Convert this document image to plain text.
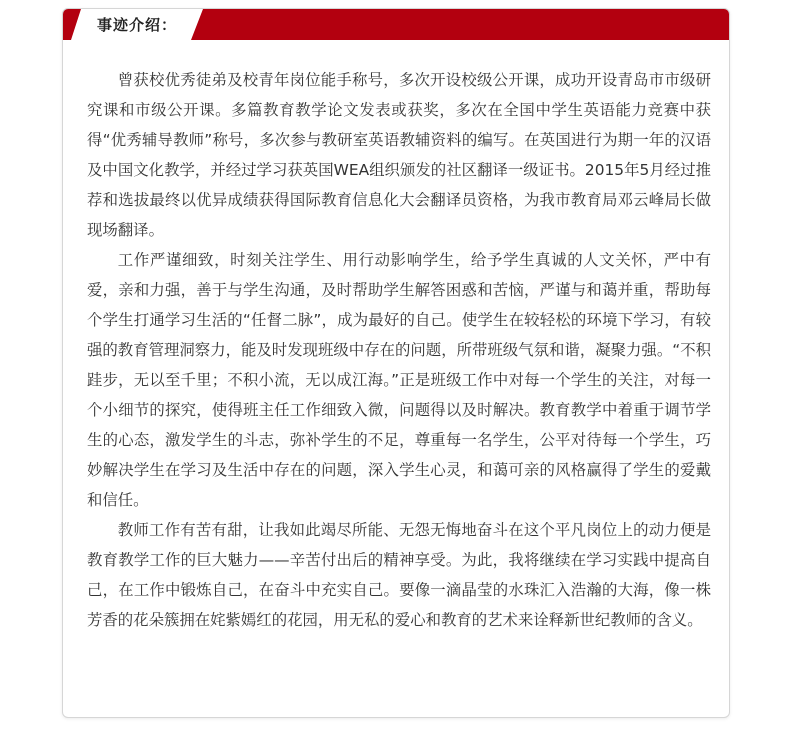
事迹介绍：

曾获校优秀徒弟及校青年岗位能手称号，多次开设校级公开课，成功开设青岛市市级研究课和市级公开课。多篇教育教学论文发表或获奖，多次在全国中学生英语能力竞赛中获得“优秀辅导教师”称号，多次参与教研室英语教辅资料的编写。在英国进行为期一年的汉语及中国文化教学，并经过学习获英国WEA组织颁发的社区翻译一级证书。2015年5月经过推荐和选拔最终以优异成绩获得国际教育信息化大会翻译员资格，为我市教育局邓云峰局长做现场翻译。

工作严谨细致，时刻关注学生、用行动影响学生，给予学生真诚的人文关怀，严中有爱，亲和力强，善于与学生沟通，及时帮助学生解答困惑和苦恼，严谨与和蔼并重，帮助每个学生打通学习生活的“任督二脉”，成为最好的自己。使学生在较轻松的环境下学习，有较强的教育管理洞察力，能及时发现班级中存在的问题，所带班级气氛和谐，凝聚力强。“不积跬步，无以至千里；不积小流，无以成江海。”正是班级工作中对每一个学生的关注，对每一个小细节的探究，使得班主任工作细致入微，问题得以及时解决。教育教学中着重于调节学生的心态，激发学生的斗志，弥补学生的不足，尊重每一名学生，公平对待每一个学生，巧妙解决学生在学习及生活中存在的问题，深入学生心灵，和蔼可亲的风格赢得了学生的爱戴和信任。

教师工作有苦有甜，让我如此竭尽所能、无怨无悔地奋斗在这个平凡岗位上的动力便是教育教学工作的巨大魅力——辛苦付出后的精神享受。为此，我将继续在学习实践中提高自己，在工作中锻炼自己，在奋斗中充实自己。要像一滴晶莹的水珠汇入浩瀚的大海，像一株芳香的花朵簇拥在姹紫嫣红的花园，用无私的爱心和教育的艺术来诠释新世纪教师的含义。
